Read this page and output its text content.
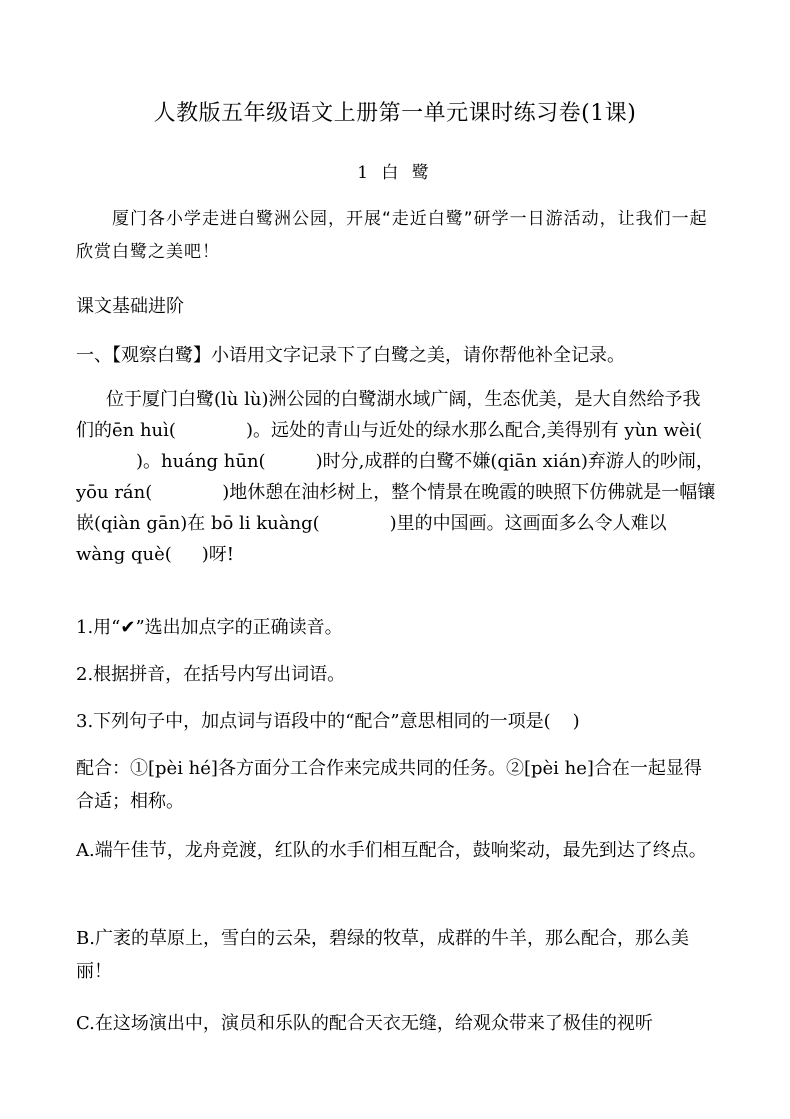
人教版五年级语文上册第一单元课时练习卷(1课)
1 白 鹭
厦门各小学走进白鹭洲公园，开展“走近白鹭”研学一日游活动，让我们一起欣赏白鹭之美吧！
课文基础进阶
一、【观察白鹭】小语用文字记录下了白鹭之美，请你帮他补全记录。
位于厦门白鹭(lù lù)洲公园的白鹭湖水域广阔，生态优美，是大自然给予我们的ēn huì(	)。远处的青山与近处的绿水那么配合,美得别有 yùn wèi()。huáng hūn(	)时分,成群的白鹭不嫌(qiān xián)弃游人的吵闹， yōu rán(	)地休憩在油杉树上，整个情景在晚霞的映照下仿佛就是一幅镶嵌(qiàn gān)在 bō li kuàng(	)里的中国画。这画面多么令人难以 wàng què( )呀!
1.用“✔”选出加点字的正确读音。
2.根据拼音，在括号内写出词语。
3.下列句子中，加点词与语段中的“配合”意思相同的一项是( )
配合：①[pèi hé]各方面分工合作来完成共同的任务。②[pèi he]合在一起显得合适；相称。
A.端午佳节，龙舟竞渡，红队的水手们相互配合，鼓响桨动，最先到达了终点。
B.广袤的草原上，雪白的云朵，碧绿的牧草，成群的牛羊，那么配合，那么美丽！
C.在这场演出中，演员和乐队的配合天衣无缝，给观众带来了极佳的视听
